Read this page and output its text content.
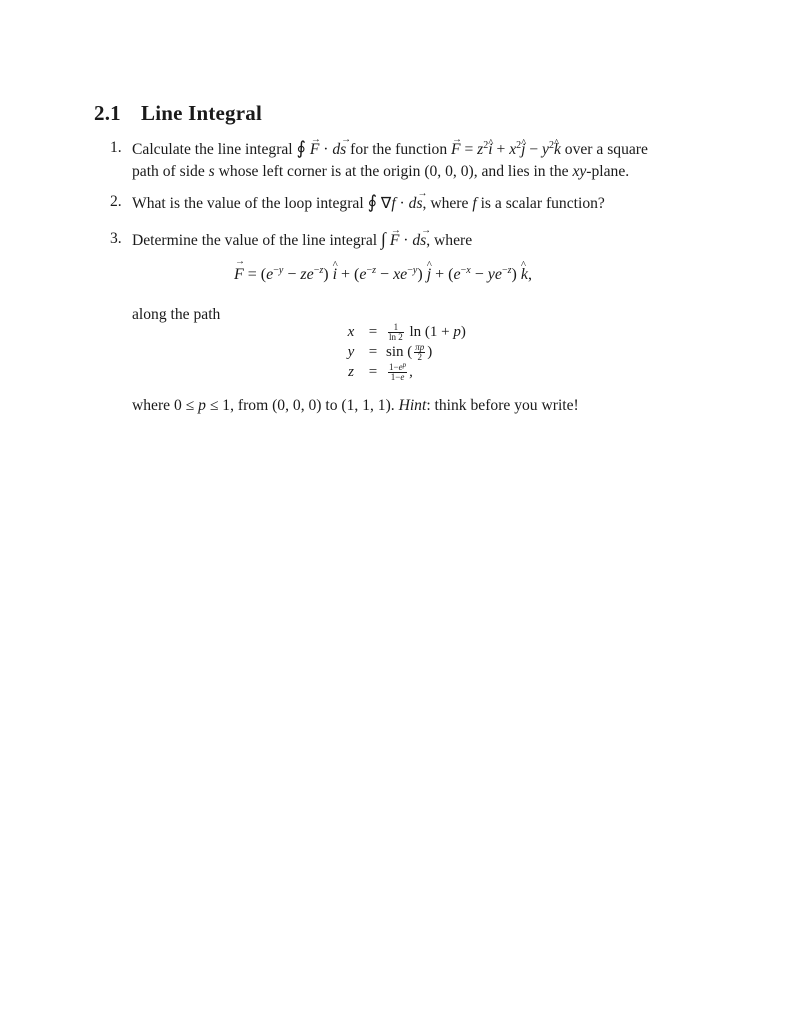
2.1 Line Integral
1. Calculate the line integral ∮ → F · d→ s for the function → $F = z^2\^{}$ $i + x^2\^{}$ $j - y^2\^{}$ k over a square
path of side s whose left corner is at the origin (0, 0, 0), and lies in the xy-plane.
2. What is the value of the loop integral ∮ ∇f · d→ s, where f is a scalar function?
3. Determine the value of the line integral ∫ → F · d→ s, where
→ $F = (e^{-y} - ze^{-z})$ ^ $i + (e^{-z} - xe^{-y})$ ^ $j + (e^{-x} - ye^{-z})$ ^ k,
along the path
$x = \frac{1}{\ln 2}$ ln (1 + p)
y = sin ( $\frac{\pi p}{2}$ )
$z = \frac{1-e^p}{1-e}$ ,
where 0 ≤ p ≤ 1, from (0, 0, 0) to (1, 1, 1). Hint: think before you write!
